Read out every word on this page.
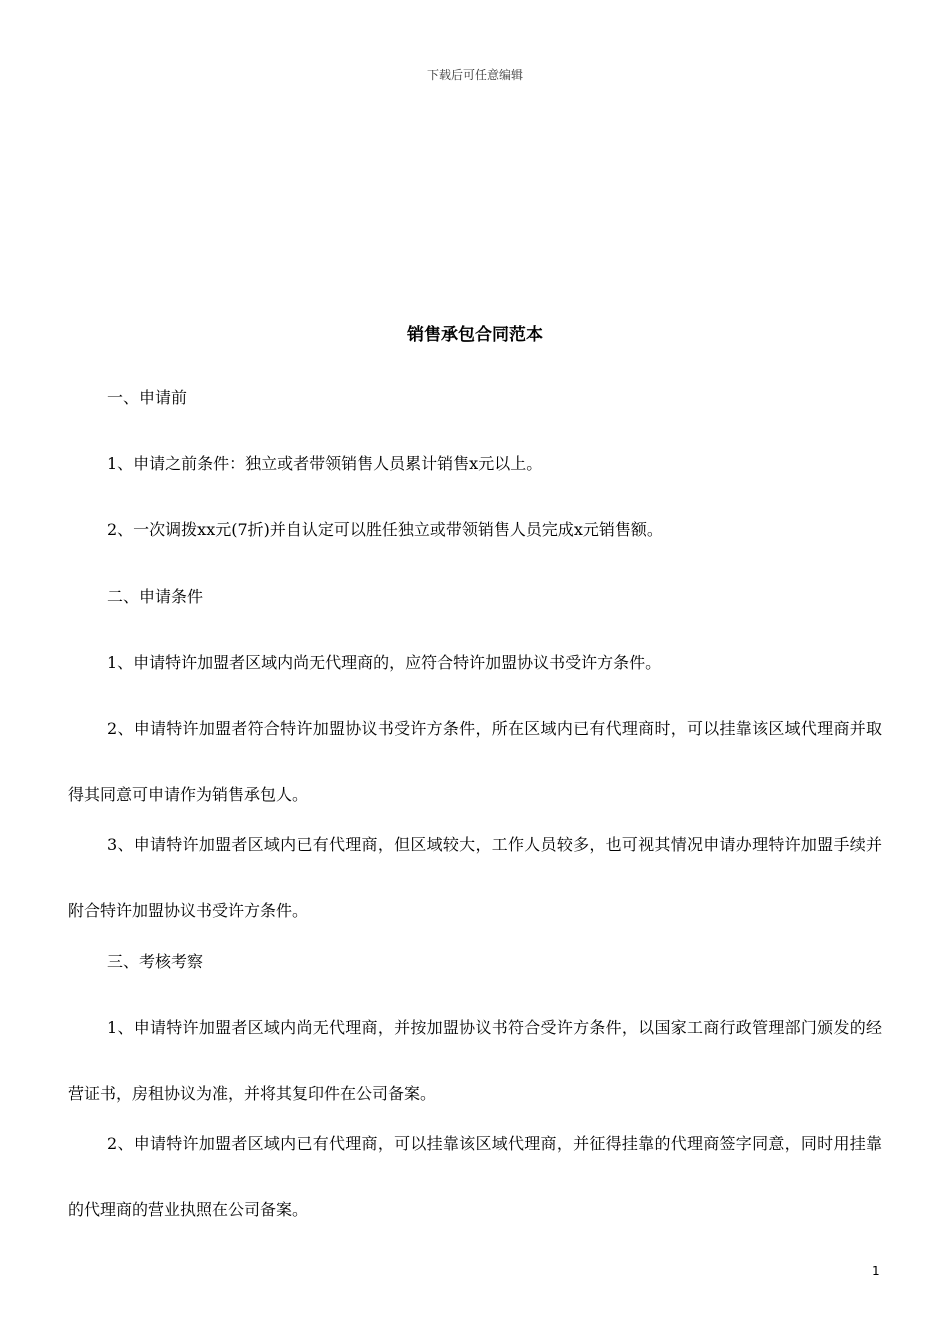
下载后可任意编辑
销售承包合同范本
一、申请前
1、申请之前条件：独立或者带领销售人员累计销售x元以上。
2、一次调拨xx元(7折)并自认定可以胜任独立或带领销售人员完成x元销售额。
二、申请条件
1、申请特许加盟者区域内尚无代理商的，应符合特许加盟协议书受许方条件。
2、申请特许加盟者符合特许加盟协议书受许方条件，所在区域内已有代理商时，可以挂靠该区域代理商并取得其同意可申请作为销售承包人。
3、申请特许加盟者区域内已有代理商，但区域较大，工作人员较多，也可视其情况申请办理特许加盟手续并附合特许加盟协议书受许方条件。
三、考核考察
1、申请特许加盟者区域内尚无代理商，并按加盟协议书符合受许方条件，以国家工商行政管理部门颁发的经营证书，房租协议为准，并将其复印件在公司备案。
2、申请特许加盟者区域内已有代理商，可以挂靠该区域代理商，并征得挂靠的代理商签字同意，同时用挂靠的代理商的营业执照在公司备案。
1
